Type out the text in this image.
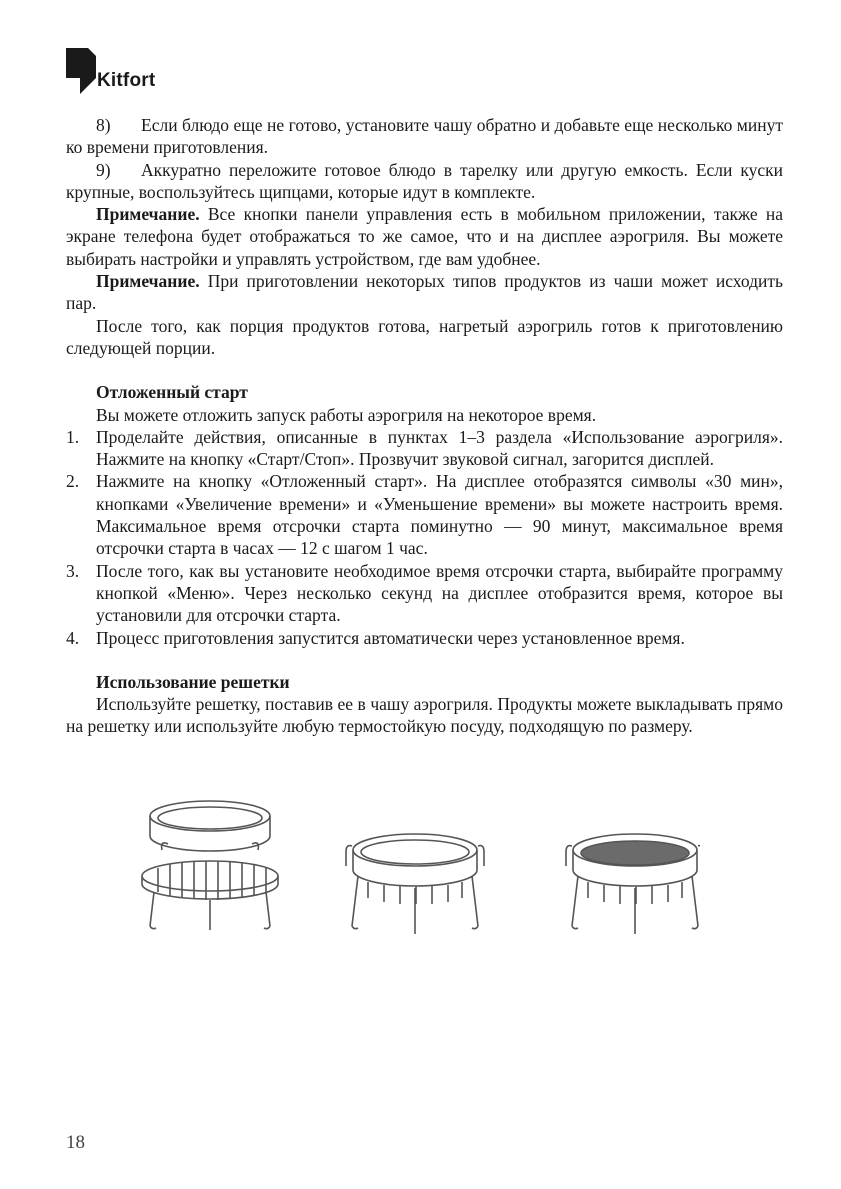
Kitfort

8) Если блюдо еще не готово, установите чашу обратно и добавьте еще несколько минут ко времени приготовления.

9) Аккуратно переложите готовое блюдо в тарелку или другую емкость. Если куски крупные, воспользуйтесь щипцами, которые идут в комплекте.

Примечание. Все кнопки панели управления есть в мобильном приложении, также на экране телефона будет отображаться то же самое, что и на дисплее аэрогриля. Вы можете выбирать настройки и управлять устройством, где вам удобнее.

Примечание. При приготовлении некоторых типов продуктов из чаши может исходить пар.

После того, как порция продуктов готова, нагретый аэрогриль готов к приготовлению следующей порции.

Отложенный старт

Вы можете отложить запуск работы аэрогриля на некоторое время.

1. Проделайте действия, описанные в пунктах 1–3 раздела «Использование аэрогриля». Нажмите на кнопку «Старт/Стоп». Прозвучит звуковой сигнал, загорится дисплей.
2. Нажмите на кнопку «Отложенный старт». На дисплее отобразятся символы «30 мин», кнопками «Увеличение времени» и «Уменьшение времени» вы можете настроить время. Максимальное время отсрочки старта поминутно — 90 минут, максимальное время отсрочки старта в часах — 12 с шагом 1 час.
3. После того, как вы установите необходимое время отсрочки старта, выбирайте программу кнопкой «Меню». Через несколько секунд на дисплее отобразится время, которое вы установили для отсрочки старта.
4. Процесс приготовления запустится автоматически через установленное время.
Использование решетки

Используйте решетку, поставив ее в чашу аэрогриля. Продукты можете выкладывать прямо на решетку или используйте любую термостойкую посуду, подходящую по размеру.

18
